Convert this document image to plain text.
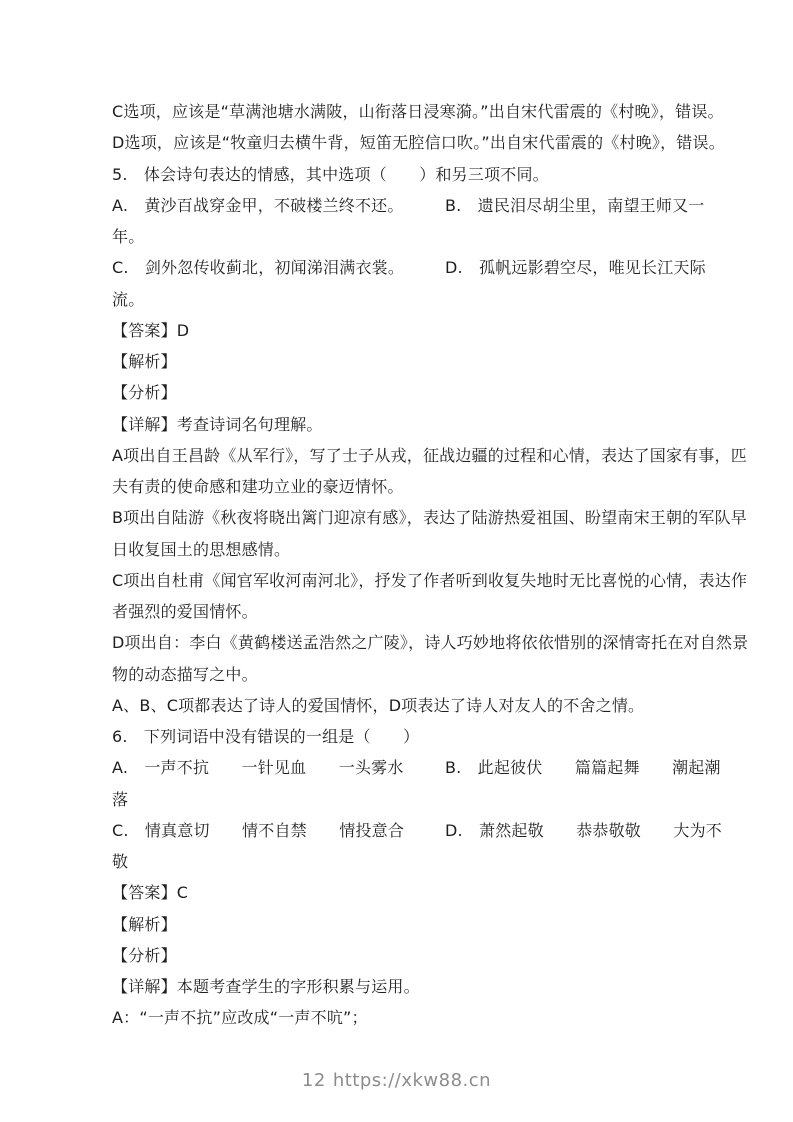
C选项，应该是“草满池塘水满陂，山衔落日浸寒漪。”出自宋代雷震的《村晚》，错误。
D选项，应该是“牧童归去横牛背，短笛无腔信口吹。”出自宋代雷震的《村晚》，错误。
5.　体会诗句表达的情感，其中选项（　　）和另三项不同。
A.　黄沙百战穿金甲，不破楼兰终不还。	B.　遗民泪尽胡尘里，南望王师又一
年。
C.　剑外忽传收蓟北，初闻涕泪满衣裳。	D.　孤帆远影碧空尽，唯见长江天际
流。
【答案】D
【解析】
【分析】
【详解】考查诗词名句理解。
A项出自王昌龄《从军行》，写了士子从戎，征战边疆的过程和心情，表达了国家有事，匹
夫有责的使命感和建功立业的豪迈情怀。
B项出自陆游《秋夜将晓出篱门迎凉有感》，表达了陆游热爱祖国、盼望南宋王朝的军队早
日收复国土的思想感情。
C项出自杜甫《闻官军收河南河北》，抒发了作者听到收复失地时无比喜悦的心情，表达作
者强烈的爱国情怀。
D项出自：李白《黄鹤楼送孟浩然之广陵》，诗人巧妙地将依依惜别的深情寄托在对自然景
物的动态描写之中。
A、B、C项都表达了诗人的爱国情怀，D项表达了诗人对友人的不舍之情。
6.　下列词语中没有错误的一组是（　　）
A.　一声不抗　　一针见血　　一头雾水	B.　此起彼伏　　篇篇起舞　　潮起潮
落
C.　情真意切　　情不自禁　　情投意合	D.　萧然起敬　　恭恭敬敬　　大为不
敬
【答案】C
【解析】
【分析】
【详解】本题考查学生的字形积累与运用。
A：“一声不抗”应改成“一声不吭”；
12 https://xkw88.cn
